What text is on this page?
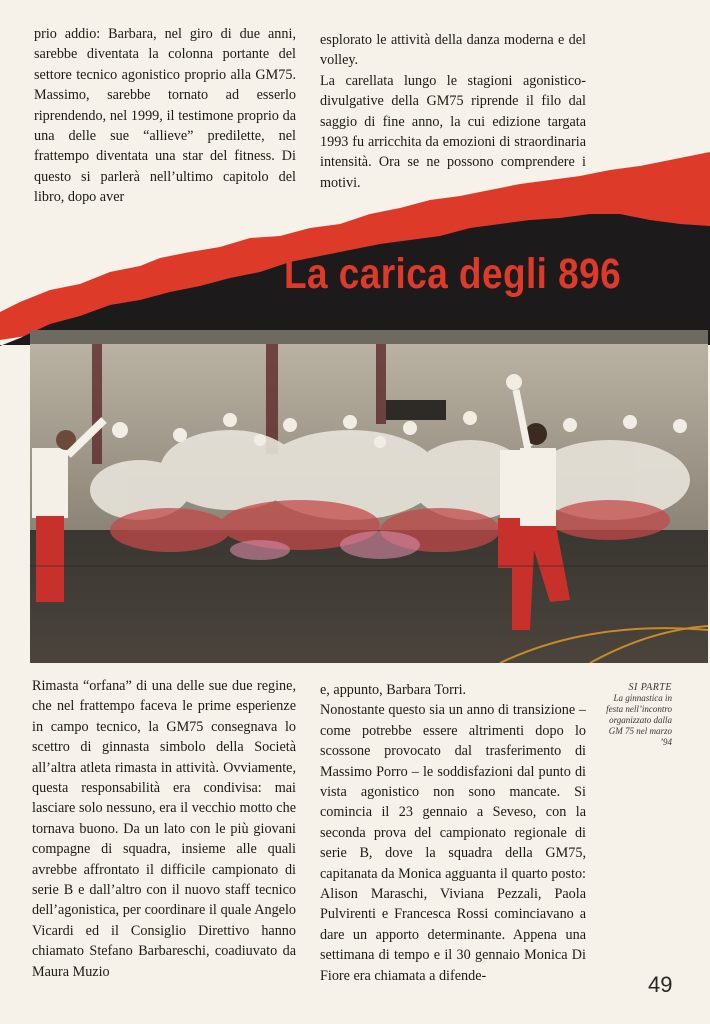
prio addio: Barbara, nel giro di due anni, sarebbe diventata la colonna portante del settore tecnico agonistico proprio alla GM75. Massimo, sarebbe tornato ad esserlo riprendendo, nel 1999, il testimone proprio da una delle sue “allieve” predilette, nel frattempo diventata una star del fitness. Di questo si parlerà nell’ultimo capitolo del libro, dopo aver

esplorato le attività della danza moderna e del volley.

La carellata lungo le stagioni agonistico-divulgative della GM75 riprende il filo dal saggio di fine anno, la cui edizione targata 1993 fu arricchita da emozioni di straordinaria intensità. Ora se ne possono comprendere i motivi.

La carica degli 896

Rimasta “orfana” di una delle sue due regine, che nel frattempo faceva le prime esperienze in campo tecnico, la GM75 consegnava lo scettro di ginnasta simbolo della Società all’altra atleta rimasta in attività. Ovviamente, questa responsabilità era condivisa: mai lasciare solo nessuno, era il vecchio motto che tornava buono. Da un lato con le più giovani compagne di squadra, insieme alle quali avrebbe affrontato il difficile campionato di serie B e dall’altro con il nuovo staff tecnico dell’agonistica, per coordinare il quale Angelo Vicardi ed il Consiglio Direttivo hanno chiamato Stefano Barbareschi, coadiuvato da Maura Muzio

e, appunto, Barbara Torri.

Nonostante questo sia un anno di transizione – come potrebbe essere altrimenti dopo lo scossone provocato dal trasferimento di Massimo Porro – le soddisfazioni dal punto di vista agonistico non sono mancate. Si comincia il 23 gennaio a Seveso, con la seconda prova del campionato regionale di serie B, dove la squadra della GM75, capitanata da Monica agguanta il quarto posto: Alison Maraschi, Viviana Pezzali, Paola Pulvirenti e Francesca Rossi cominciavano a dare un apporto determinante. Appena una settimana di tempo e il 30 gennaio Monica Di Fiore era chiamata a difende-

SI PARTE
La ginnastica in festa nell’incontro organizzato dalla GM 75 nel marzo ’94
49
